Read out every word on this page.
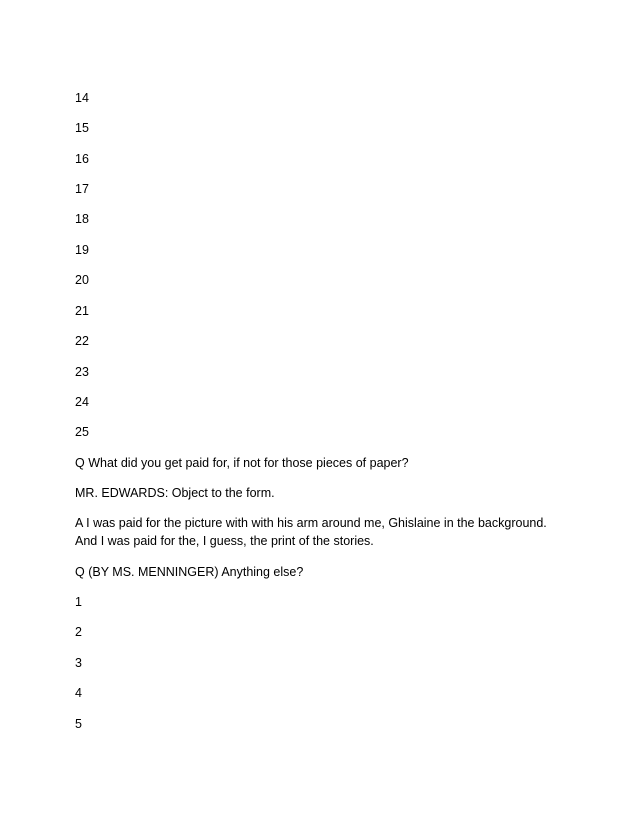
14

15

16

17

18

19

20

21

22

23

24

25

Q What did you get paid for, if not for those pieces of paper?

MR. EDWARDS: Object to the form.

A I was paid for the picture with with his arm around me, Ghislaine in the background. And I was paid for the, I guess, the print of the stories.

Q (BY MS. MENNINGER) Anything else?

1

2

3

4

5
